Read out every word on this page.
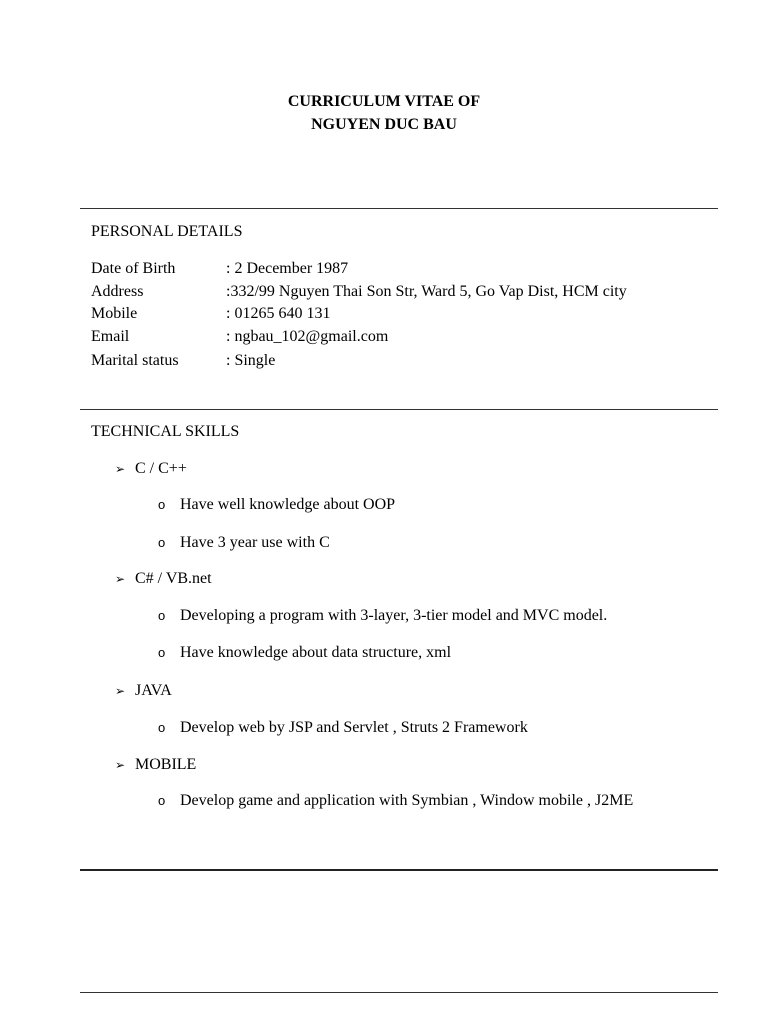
CURRICULUM VITAE OF
NGUYEN DUC BAU
PERSONAL DETAILS
Date of Birth	: 2 December 1987
Address	:332/99 Nguyen Thai Son Str, Ward 5, Go Vap Dist, HCM city
Mobile	: 01265 640 131
Email	: ngbau_102@gmail.com
Marital status	: Single
TECHNICAL SKILLS
➢ C / C++
o Have well knowledge about OOP
o Have 3 year use with C
➢ C# / VB.net
o Developing a program with 3-layer, 3-tier model and MVC model.
o Have knowledge about data structure, xml
➢ JAVA
o Develop web by JSP and Servlet , Struts 2 Framework
➢ MOBILE
o Develop game and application with Symbian , Window mobile , J2ME
